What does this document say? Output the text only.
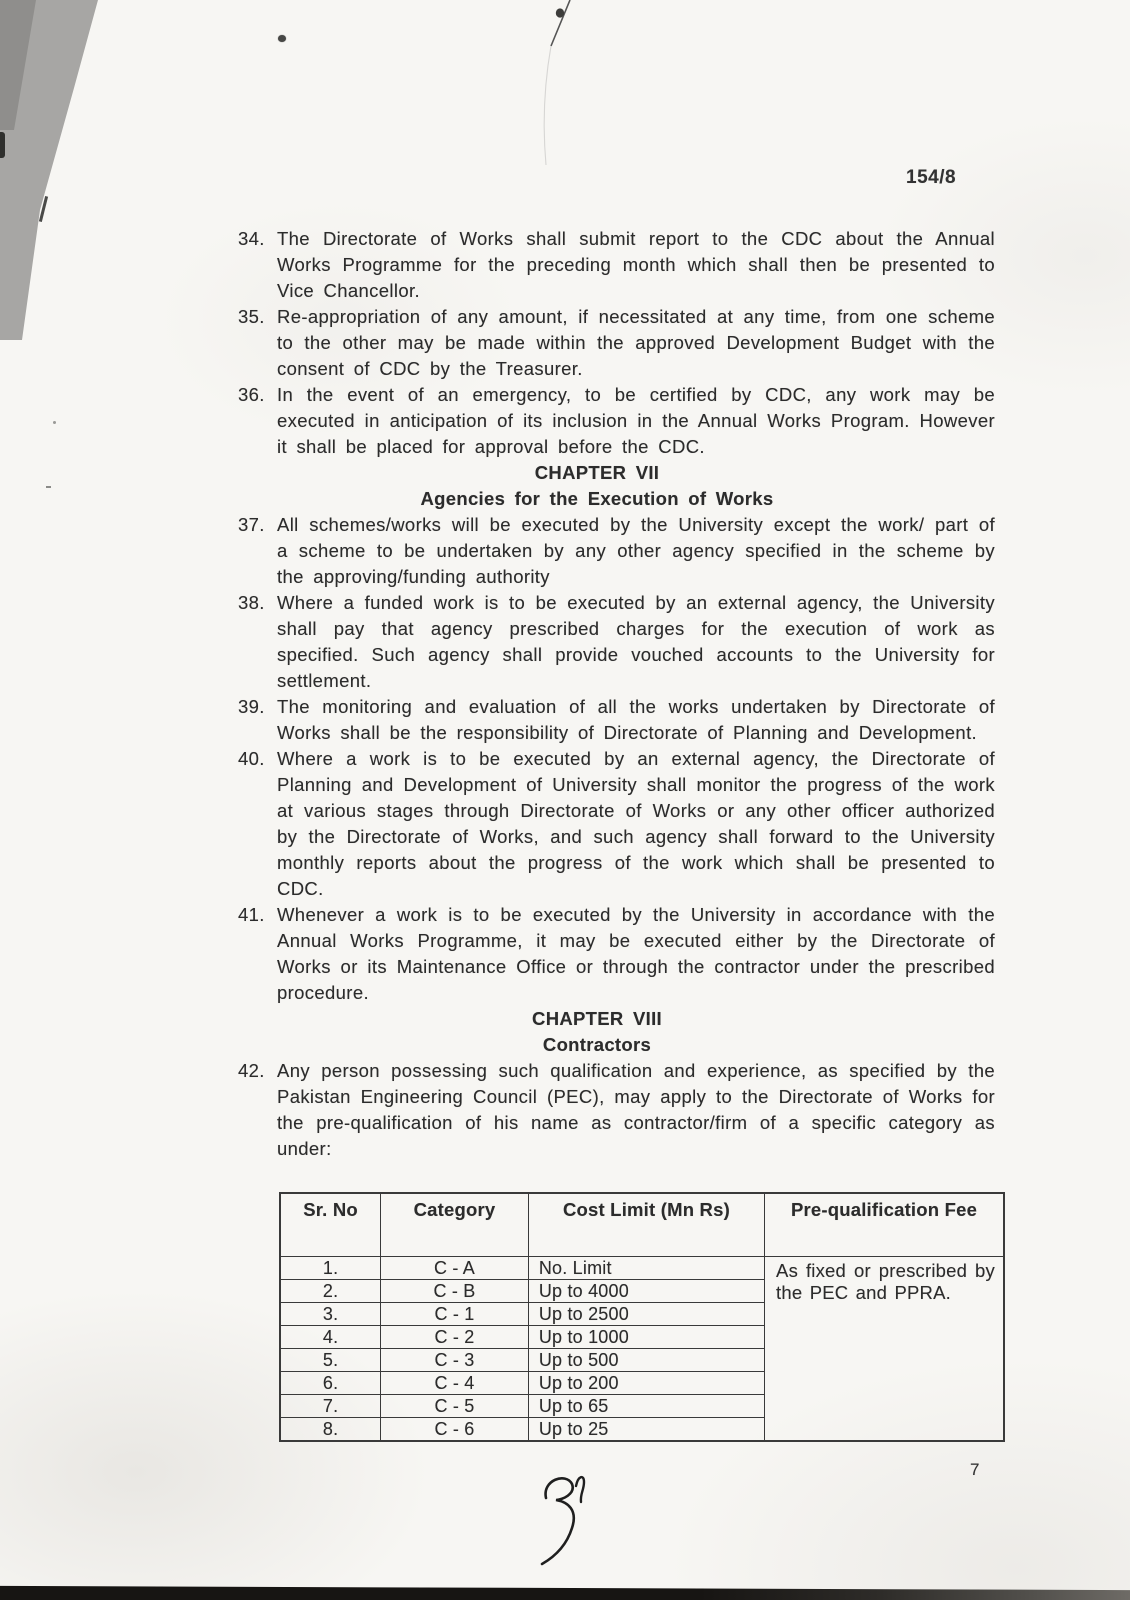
154/8
34. The Directorate of Works shall submit report to the CDC about the Annual Works Programme for the preceding month which shall then be presented to Vice Chancellor.
35. Re-appropriation of any amount, if necessitated at any time, from one scheme to the other may be made within the approved Development Budget with the consent of CDC by the Treasurer.
36. In the event of an emergency, to be certified by CDC, any work may be executed in anticipation of its inclusion in the Annual Works Program. However it shall be placed for approval before the CDC.
CHAPTER VII
Agencies for the Execution of Works
37. All schemes/works will be executed by the University except the work/ part of a scheme to be undertaken by any other agency specified in the scheme by the approving/funding authority
38. Where a funded work is to be executed by an external agency, the University shall pay that agency prescribed charges for the execution of work as specified. Such agency shall provide vouched accounts to the University for settlement.
39. The monitoring and evaluation of all the works undertaken by Directorate of Works shall be the responsibility of Directorate of Planning and Development.
40. Where a work is to be executed by an external agency, the Directorate of Planning and Development of University shall monitor the progress of the work at various stages through Directorate of Works or any other officer authorized by the Directorate of Works, and such agency shall forward to the University monthly reports about the progress of the work which shall be presented to CDC.
41. Whenever a work is to be executed by the University in accordance with the Annual Works Programme, it may be executed either by the Directorate of Works or its Maintenance Office or through the contractor under the prescribed procedure.
CHAPTER VIII
Contractors
42. Any person possessing such qualification and experience, as specified by the Pakistan Engineering Council (PEC), may apply to the Directorate of Works for the pre-qualification of his name as contractor/firm of a specific category as under:
Sr. No	Category	Cost Limit (Mn Rs)	Pre-qualification Fee
1.	C - A	No. Limit	As fixed or prescribed by the PEC and PPRA.
2.	C - B	Up to 4000	
3.	C - 1	Up to 2500	
4.	C - 2	Up to 1000	
5.	C - 3	Up to 500	
6.	C - 4	Up to 200	
7.	C - 5	Up to 65	
8.	C - 6	Up to 25	
7
